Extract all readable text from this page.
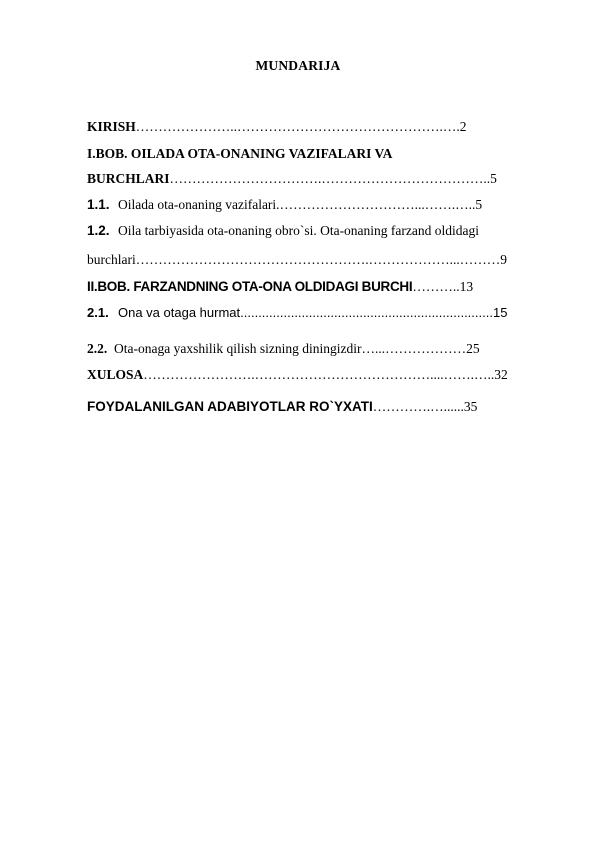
MUNDARIJA
KIRISH…………………..……………………………………….….2
I.BOB. OILADA OTA-ONANING VAZIFALARI VA
BURCHLARI…………………………….………………………………..5
1.1. Oilada ota-onaning vazifalari.…………………………...…….…..5
1.2. Oila tarbiyasida ota-onaning obro`si. Ota-onaning farzand oldidagi
burchlari…………………………………………….………………...………9
II.BOB. FARZANDNING OTA-ONA OLDIDAGI BURCHI………..13
2.1. Ona va otaga hurmat......................................................................15
2.2. Ota-onaga yaxshilik qilish sizning diningizdir…...………………25
XULOSA…………………….…………………………………....…….…..32
FOYDALANILGAN ADABIYOTLAR RO`YXATI………….…......35
